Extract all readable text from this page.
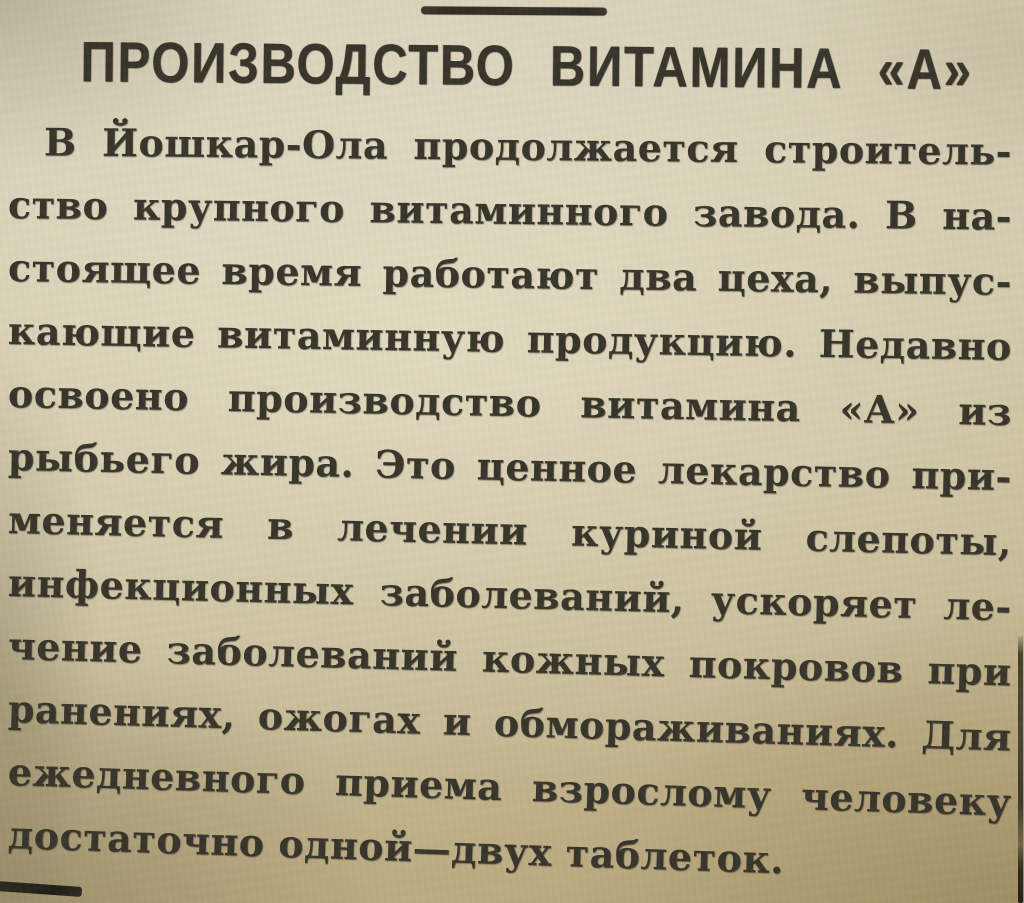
ПРОИЗВОДСТВО ВИТАМИНА «А»
В Йошкар-Ола продолжается строитель-
ство крупного витаминного завода. В на-
стоящее время работают два цеха, выпус-
кающие витаминную продукцию. Недавно
освоено производство витамина «А» из
рыбьего жира. Это ценное лекарство при-
меняется в лечении куриной слепоты,
инфекционных заболеваний, ускоряет ле-
чение заболеваний кожных покровов при
ранениях, ожогах и обмораживаниях. Для
ежедневного приема взрослому человеку
достаточно одной—двух таблеток.
